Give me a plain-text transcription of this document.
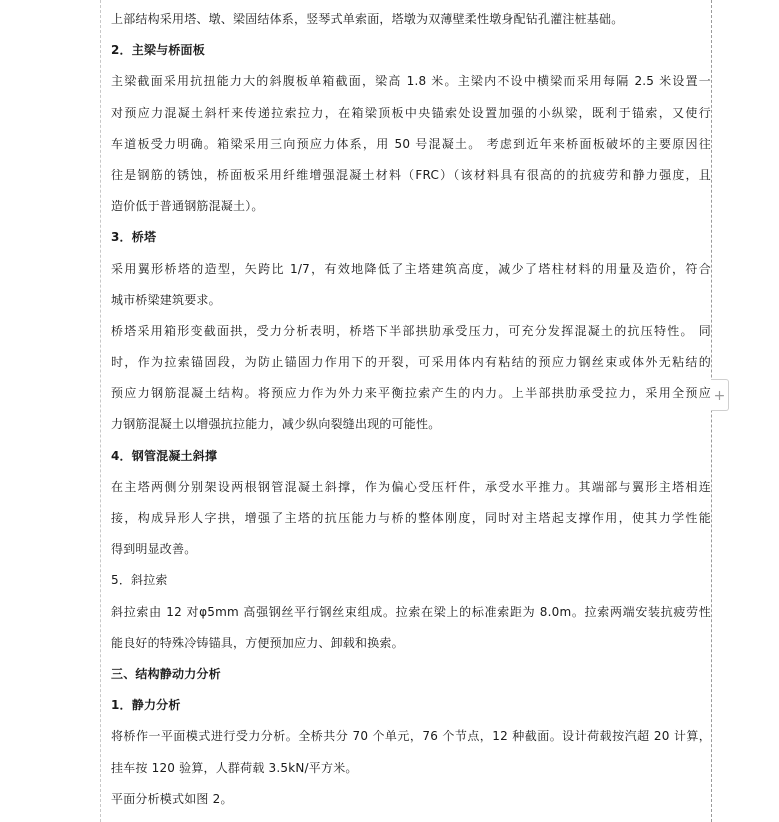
上部结构采用塔、墩、梁固结体系，竖琴式单索面，塔墩为双薄壁柔性墩身配钻孔灌注桩基础。
2．主梁与桥面板
主梁截面采用抗扭能力大的斜腹板单箱截面，梁高 1.8 米。主梁内不设中横梁而采用每隔 2.5 米设置一
对预应力混凝土斜杆来传递拉索拉力，在箱梁顶板中央锚索处设置加强的小纵梁，既利于锚索，又使行
车道板受力明确。箱梁采用三向预应力体系，用 50 号混凝土。 考虑到近年来桥面板破坏的主要原因往
往是钢筋的锈蚀，桥面板采用纤维增强混凝土材料（FRC）（该材料具有很高的的抗疲劳和静力强度，且
造价低于普通钢筋混凝土）。
3．桥塔
采用翼形桥塔的造型，矢跨比 1/7，有效地降低了主塔建筑高度，减少了塔柱材料的用量及造价，符合
城市桥梁建筑要求。
桥塔采用箱形变截面拱，受力分析表明，桥塔下半部拱肋承受压力，可充分发挥混凝土的抗压特性。 同
时，作为拉索锚固段，为防止锚固力作用下的开裂，可采用体内有粘结的预应力钢丝束或体外无粘结的
预应力钢筋混凝土结构。将预应力作为外力来平衡拉索产生的内力。上半部拱肋承受拉力，采用全预应
力钢筋混凝土以增强抗拉能力，减少纵向裂缝出现的可能性。
4．钢管混凝土斜撑
在主塔两侧分别架设两根钢管混凝土斜撑，作为偏心受压杆件，承受水平推力。其端部与翼形主塔相连
接，构成异形人字拱，增强了主塔的抗压能力与桥的整体刚度，同时对主塔起支撑作用，使其力学性能
得到明显改善。
5．斜拉索
斜拉索由 12 对φ5mm 高强钢丝平行钢丝束组成。拉索在梁上的标准索距为 8.0m。拉索两端安装抗疲劳性
能良好的特殊冷铸锚具，方便预加应力、卸载和换索。
三、结构静动力分析
1．静力分析
将桥作一平面模式进行受力分析。全桥共分 70 个单元，76 个节点，12 种截面。设计荷载按汽超 20 计算，
挂车按 120 验算，人群荷载 3.5kN/平方米。
平面分析模式如图 2。
+
